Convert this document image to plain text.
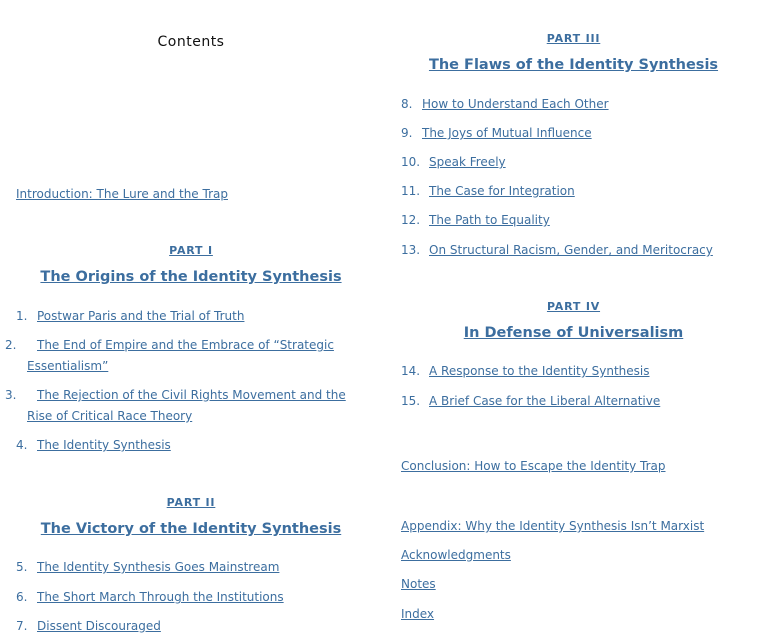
Contents
Introduction: The Lure and the Trap
PART I
The Origins of the Identity Synthesis
1. Postwar Paris and the Trial of Truth
2. The End of Empire and the Embrace of “Strategic Essentialism”
3. The Rejection of the Civil Rights Movement and the Rise of Critical Race Theory
4. The Identity Synthesis
PART II
The Victory of the Identity Synthesis
5. The Identity Synthesis Goes Mainstream
6. The Short March Through the Institutions
7. Dissent Discouraged
PART III
The Flaws of the Identity Synthesis
8. How to Understand Each Other
9. The Joys of Mutual Influence
10. Speak Freely
11. The Case for Integration
12. The Path to Equality
13. On Structural Racism, Gender, and Meritocracy
PART IV
In Defense of Universalism
14. A Response to the Identity Synthesis
15. A Brief Case for the Liberal Alternative
Conclusion: How to Escape the Identity Trap
Appendix: Why the Identity Synthesis Isn’t Marxist
Acknowledgments
Notes
Index
